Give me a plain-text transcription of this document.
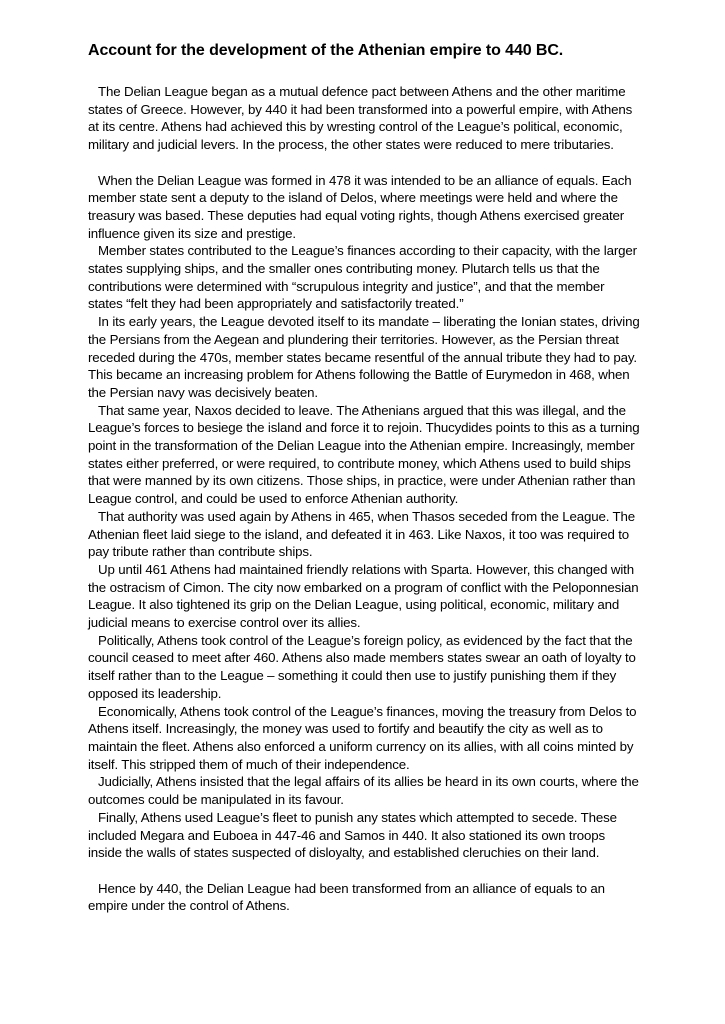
Account for the development of the Athenian empire to 440 BC.

The Delian League began as a mutual defence pact between Athens and the other maritime states of Greece. However, by 440 it had been transformed into a powerful empire, with Athens at its centre. Athens had achieved this by wresting control of the League’s political, economic, military and judicial levers. In the process, the other states were reduced to mere tributaries.

When the Delian League was formed in 478 it was intended to be an alliance of equals. Each member state sent a deputy to the island of Delos, where meetings were held and where the treasury was based. These deputies had equal voting rights, though Athens exercised greater influence given its size and prestige.

Member states contributed to the League’s finances according to their capacity, with the larger states supplying ships, and the smaller ones contributing money. Plutarch tells us that the contributions were determined with “scrupulous integrity and justice”, and that the member states “felt they had been appropriately and satisfactorily treated.”

In its early years, the League devoted itself to its mandate – liberating the Ionian states, driving the Persians from the Aegean and plundering their territories. However, as the Persian threat receded during the 470s, member states became resentful of the annual tribute they had to pay. This became an increasing problem for Athens following the Battle of Eurymedon in 468, when the Persian navy was decisively beaten.

That same year, Naxos decided to leave. The Athenians argued that this was illegal, and the League’s forces to besiege the island and force it to rejoin. Thucydides points to this as a turning point in the transformation of the Delian League into the Athenian empire. Increasingly, member states either preferred, or were required, to contribute money, which Athens used to build ships that were manned by its own citizens. Those ships, in practice, were under Athenian rather than League control, and could be used to enforce Athenian authority.

That authority was used again by Athens in 465, when Thasos seceded from the League. The Athenian fleet laid siege to the island, and defeated it in 463. Like Naxos, it too was required to pay tribute rather than contribute ships.

Up until 461 Athens had maintained friendly relations with Sparta. However, this changed with the ostracism of Cimon. The city now embarked on a program of conflict with the Peloponnesian League. It also tightened its grip on the Delian League, using political, economic, military and judicial means to exercise control over its allies.

Politically, Athens took control of the League’s foreign policy, as evidenced by the fact that the council ceased to meet after 460. Athens also made members states swear an oath of loyalty to itself rather than to the League – something it could then use to justify punishing them if they opposed its leadership.

Economically, Athens took control of the League’s finances, moving the treasury from Delos to Athens itself. Increasingly, the money was used to fortify and beautify the city as well as to maintain the fleet. Athens also enforced a uniform currency on its allies, with all coins minted by itself. This stripped them of much of their independence.

Judicially, Athens insisted that the legal affairs of its allies be heard in its own courts, where the outcomes could be manipulated in its favour.

Finally, Athens used League’s fleet to punish any states which attempted to secede. These included Megara and Euboea in 447-46 and Samos in 440. It also stationed its own troops inside the walls of states suspected of disloyalty, and established cleruchies on their land.

Hence by 440, the Delian League had been transformed from an alliance of equals to an empire under the control of Athens.
